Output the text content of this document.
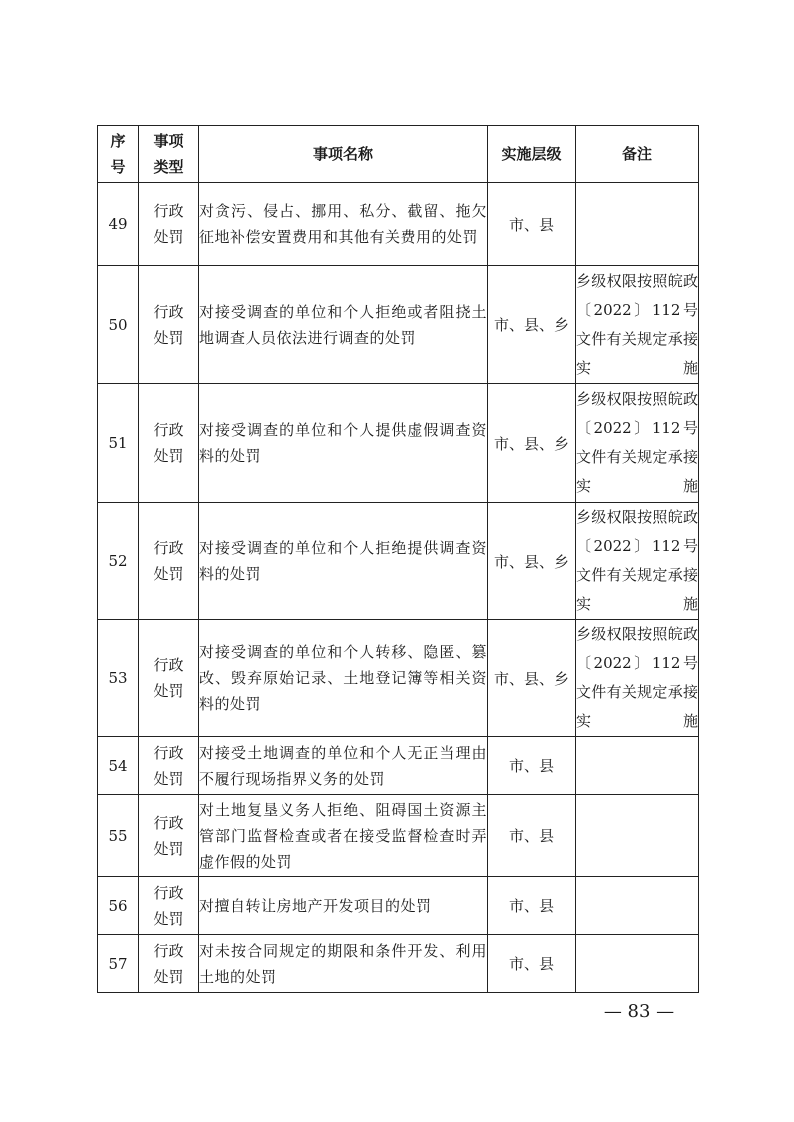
序号	事项类型	事项名称	实施层级	备注
49	行政处罚	对贪污、侵占、挪用、私分、截留、拖欠征地补偿安置费用和其他有关费用的处罚	市、县	
50	行政处罚	对接受调查的单位和个人拒绝或者阻挠土地调查人员依法进行调查的处罚	市、县、乡	乡级权限按照皖政〔2022〕112号文件有关规定承接实施
51	行政处罚	对接受调查的单位和个人提供虚假调查资料的处罚	市、县、乡	乡级权限按照皖政〔2022〕112号文件有关规定承接实施
52	行政处罚	对接受调查的单位和个人拒绝提供调查资料的处罚	市、县、乡	乡级权限按照皖政〔2022〕112号文件有关规定承接实施
53	行政处罚	对接受调查的单位和个人转移、隐匿、篡改、毁弃原始记录、土地登记簿等相关资料的处罚	市、县、乡	乡级权限按照皖政〔2022〕112号文件有关规定承接实施
54	行政处罚	对接受土地调查的单位和个人无正当理由不履行现场指界义务的处罚	市、县	
55	行政处罚	对土地复垦义务人拒绝、阻碍国土资源主管部门监督检查或者在接受监督检查时弄虚作假的处罚	市、县	
56	行政处罚	对擅自转让房地产开发项目的处罚	市、县	
57	行政处罚	对未按合同规定的期限和条件开发、利用土地的处罚	市、县	
— 83 —
